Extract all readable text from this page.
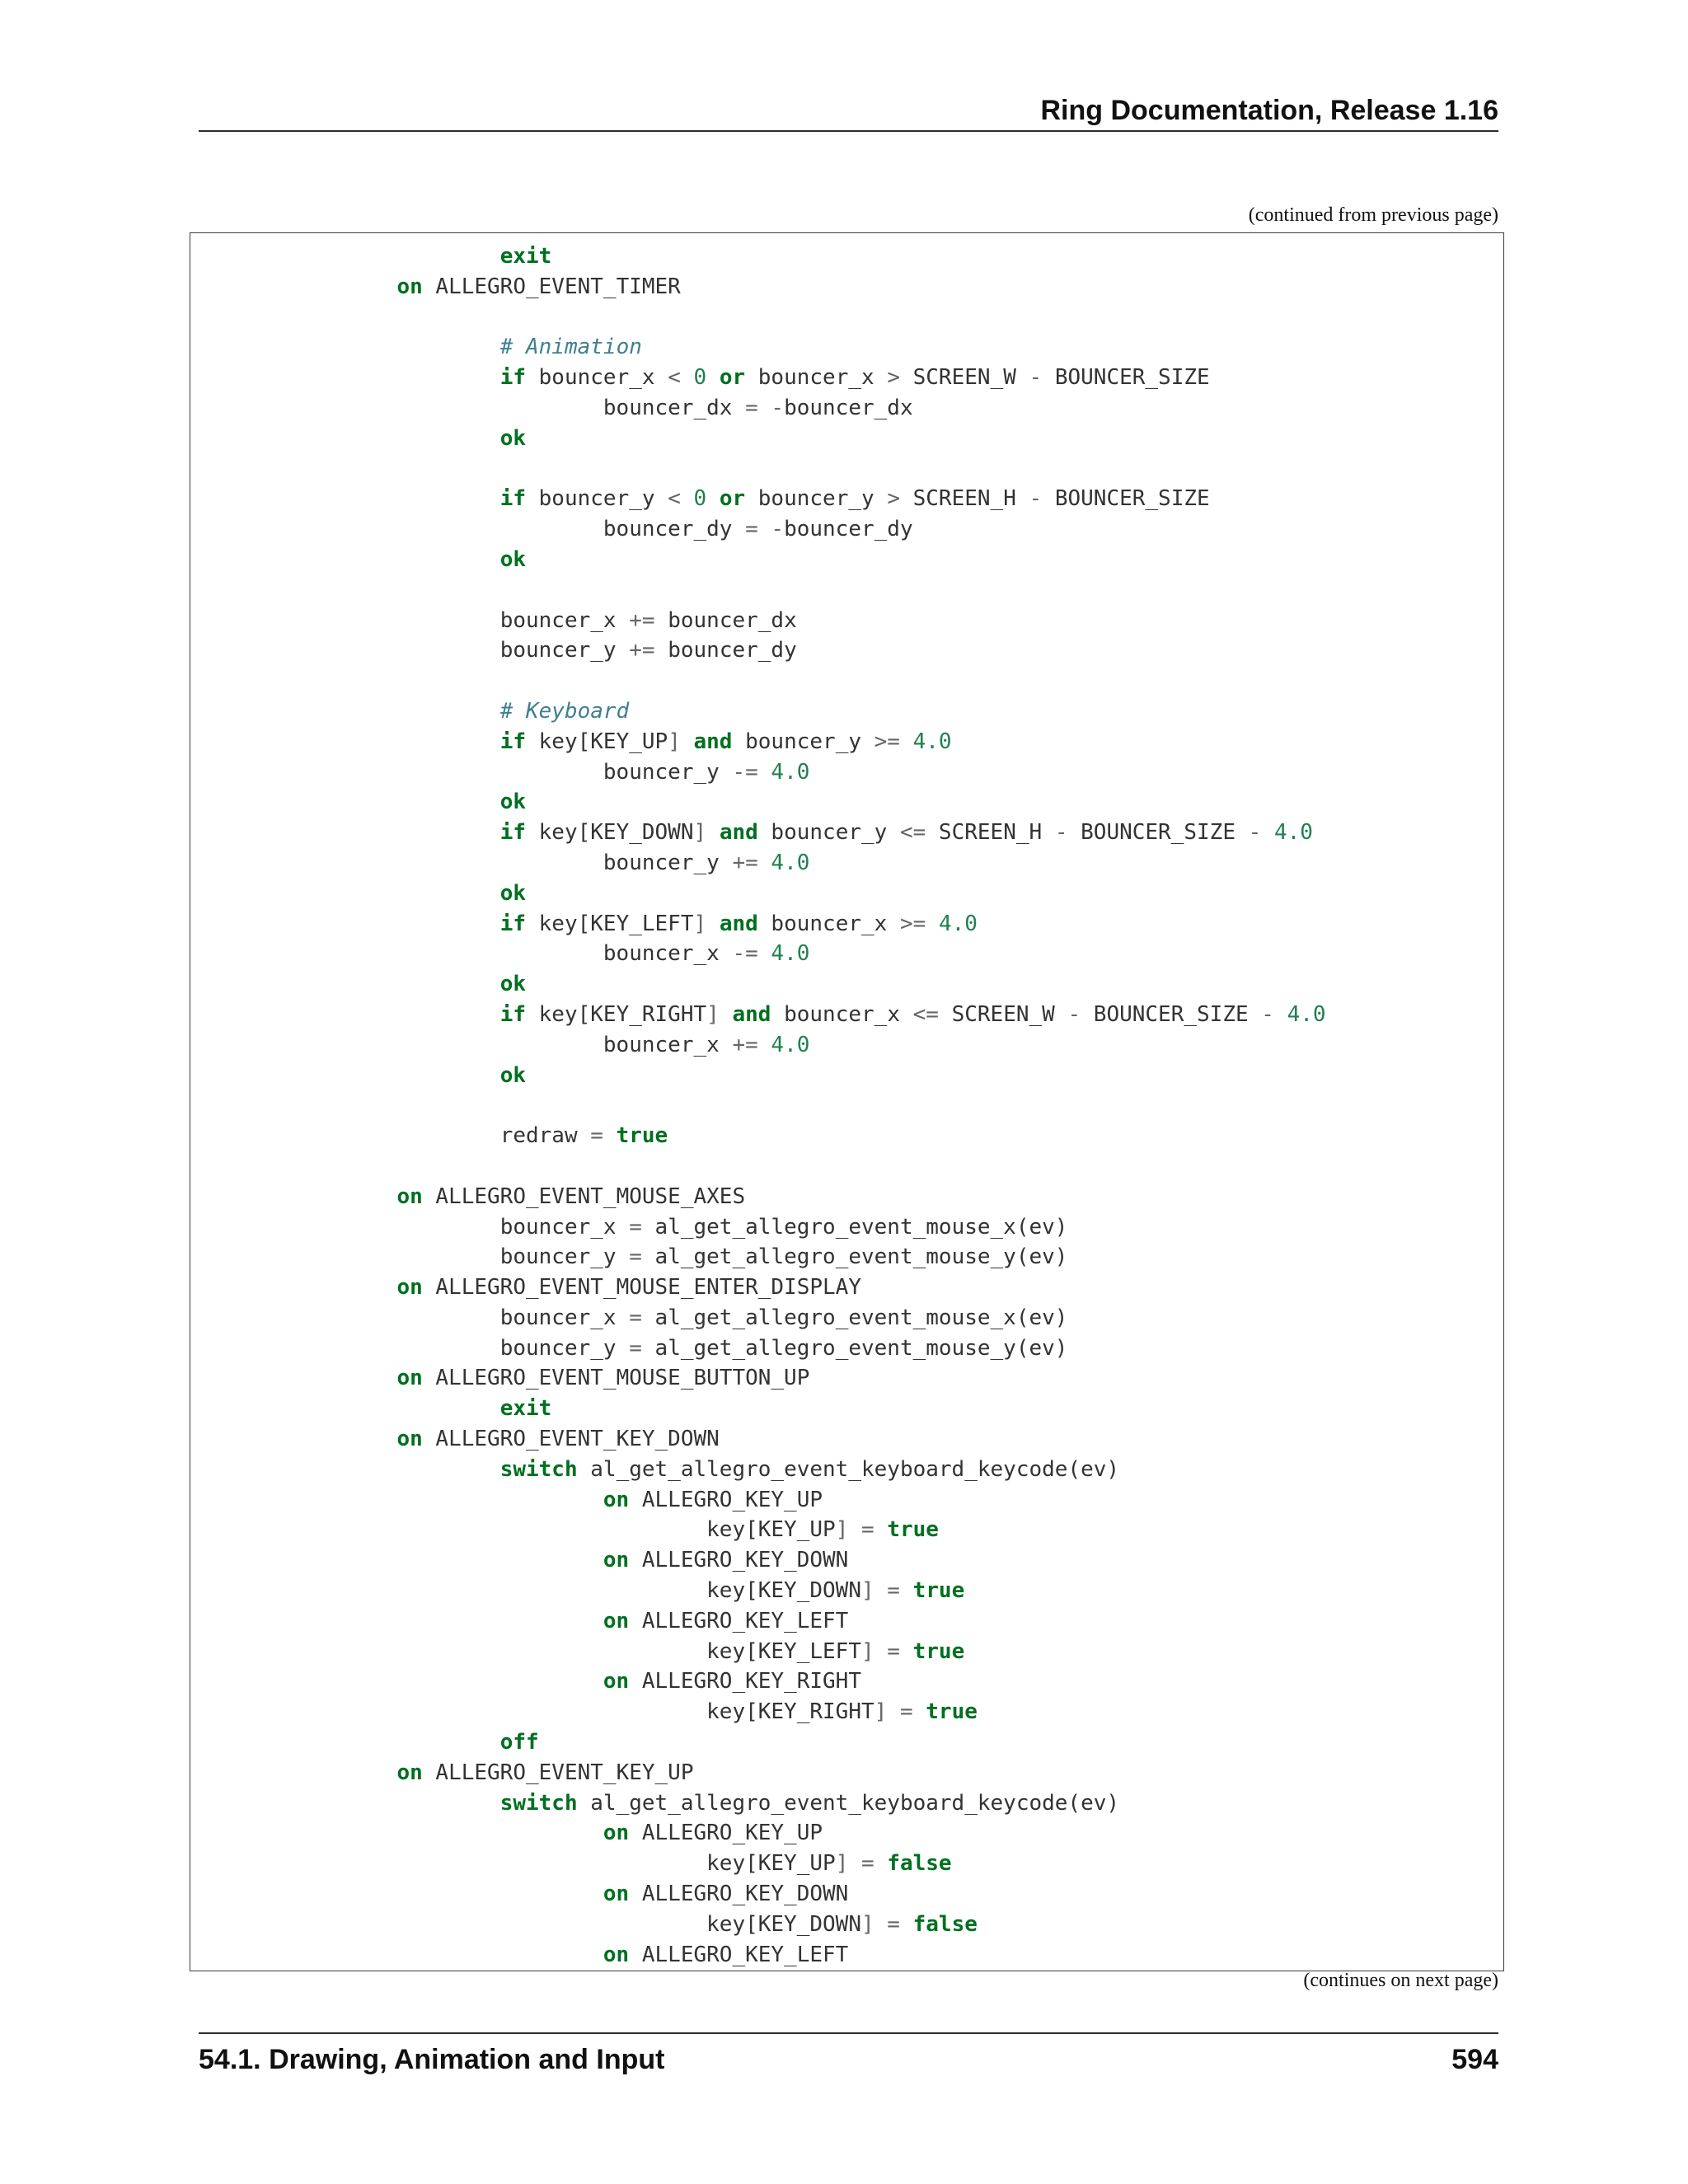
Ring Documentation, Release 1.16
(continued from previous page)
exit
on ALLEGRO_EVENT_TIMER
# Animation
if bouncer_x < 0 or bouncer_x > SCREEN_W - BOUNCER_SIZE
bouncer_dx = -bouncer_dx
ok
if bouncer_y < 0 or bouncer_y > SCREEN_H - BOUNCER_SIZE
bouncer_dy = -bouncer_dy
ok
bouncer_x += bouncer_dx
bouncer_y += bouncer_dy
# Keyboard
if key[KEY_UP] and bouncer_y >= 4.0
bouncer_y -= 4.0
ok
if key[KEY_DOWN] and bouncer_y <= SCREEN_H - BOUNCER_SIZE - 4.0
bouncer_y += 4.0
ok
if key[KEY_LEFT] and bouncer_x >= 4.0
bouncer_x -= 4.0
ok
if key[KEY_RIGHT] and bouncer_x <= SCREEN_W - BOUNCER_SIZE - 4.0
bouncer_x += 4.0
ok
redraw = true
on ALLEGRO_EVENT_MOUSE_AXES
bouncer_x = al_get_allegro_event_mouse_x(ev)
bouncer_y = al_get_allegro_event_mouse_y(ev)
on ALLEGRO_EVENT_MOUSE_ENTER_DISPLAY
bouncer_x = al_get_allegro_event_mouse_x(ev)
bouncer_y = al_get_allegro_event_mouse_y(ev)
on ALLEGRO_EVENT_MOUSE_BUTTON_UP
exit
on ALLEGRO_EVENT_KEY_DOWN
switch al_get_allegro_event_keyboard_keycode(ev)
on ALLEGRO_KEY_UP
key[KEY_UP] = true
on ALLEGRO_KEY_DOWN
key[KEY_DOWN] = true
on ALLEGRO_KEY_LEFT
key[KEY_LEFT] = true
on ALLEGRO_KEY_RIGHT
key[KEY_RIGHT] = true
off
on ALLEGRO_EVENT_KEY_UP
switch al_get_allegro_event_keyboard_keycode(ev)
on ALLEGRO_KEY_UP
key[KEY_UP] = false
on ALLEGRO_KEY_DOWN
key[KEY_DOWN] = false
on ALLEGRO_KEY_LEFT
(continues on next page)
54.1. Drawing, Animation and Input	594
